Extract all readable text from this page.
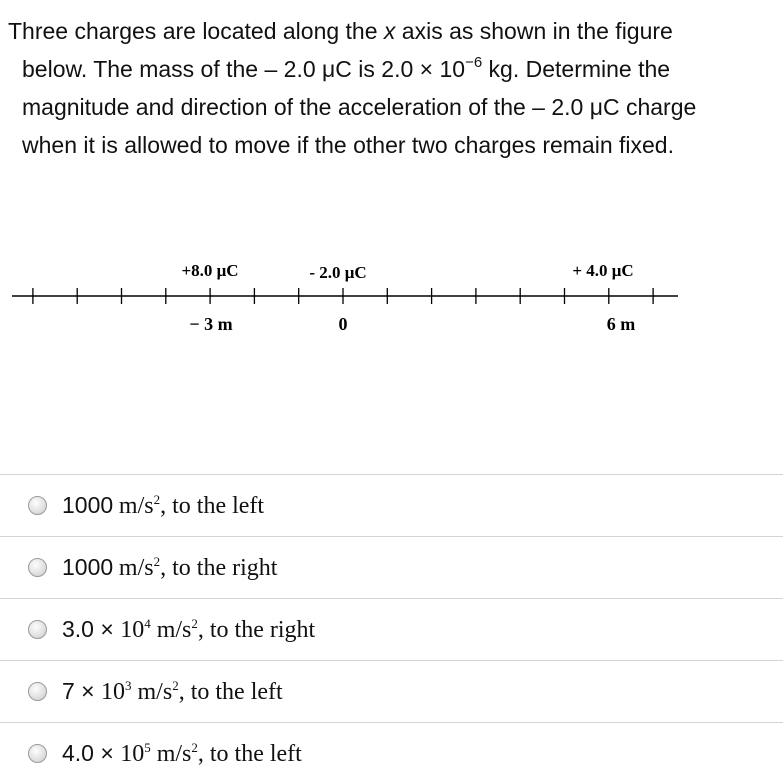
Three charges are located along the x axis as shown in the figure
below. The mass of the – 2.0 μC is $2.0 \times 10^{-6}$ kg. Determine the
magnitude and direction of the acceleration of the – 2.0 μC charge
when it is allowed to move if the other two charges remain fixed.
+8.0 μC	- 2.0 μC	+ 4.0 μC
− 3 m	0	6 m
1000 $m/s^2$, to the left
1000 $m/s^2$, to the right
$3.0 \times 10^4$ $m/s^2$, to the right
$7 \times 10^3$ $m/s^2$, to the left
$4.0 \times 10^5$ $m/s^2$, to the left
